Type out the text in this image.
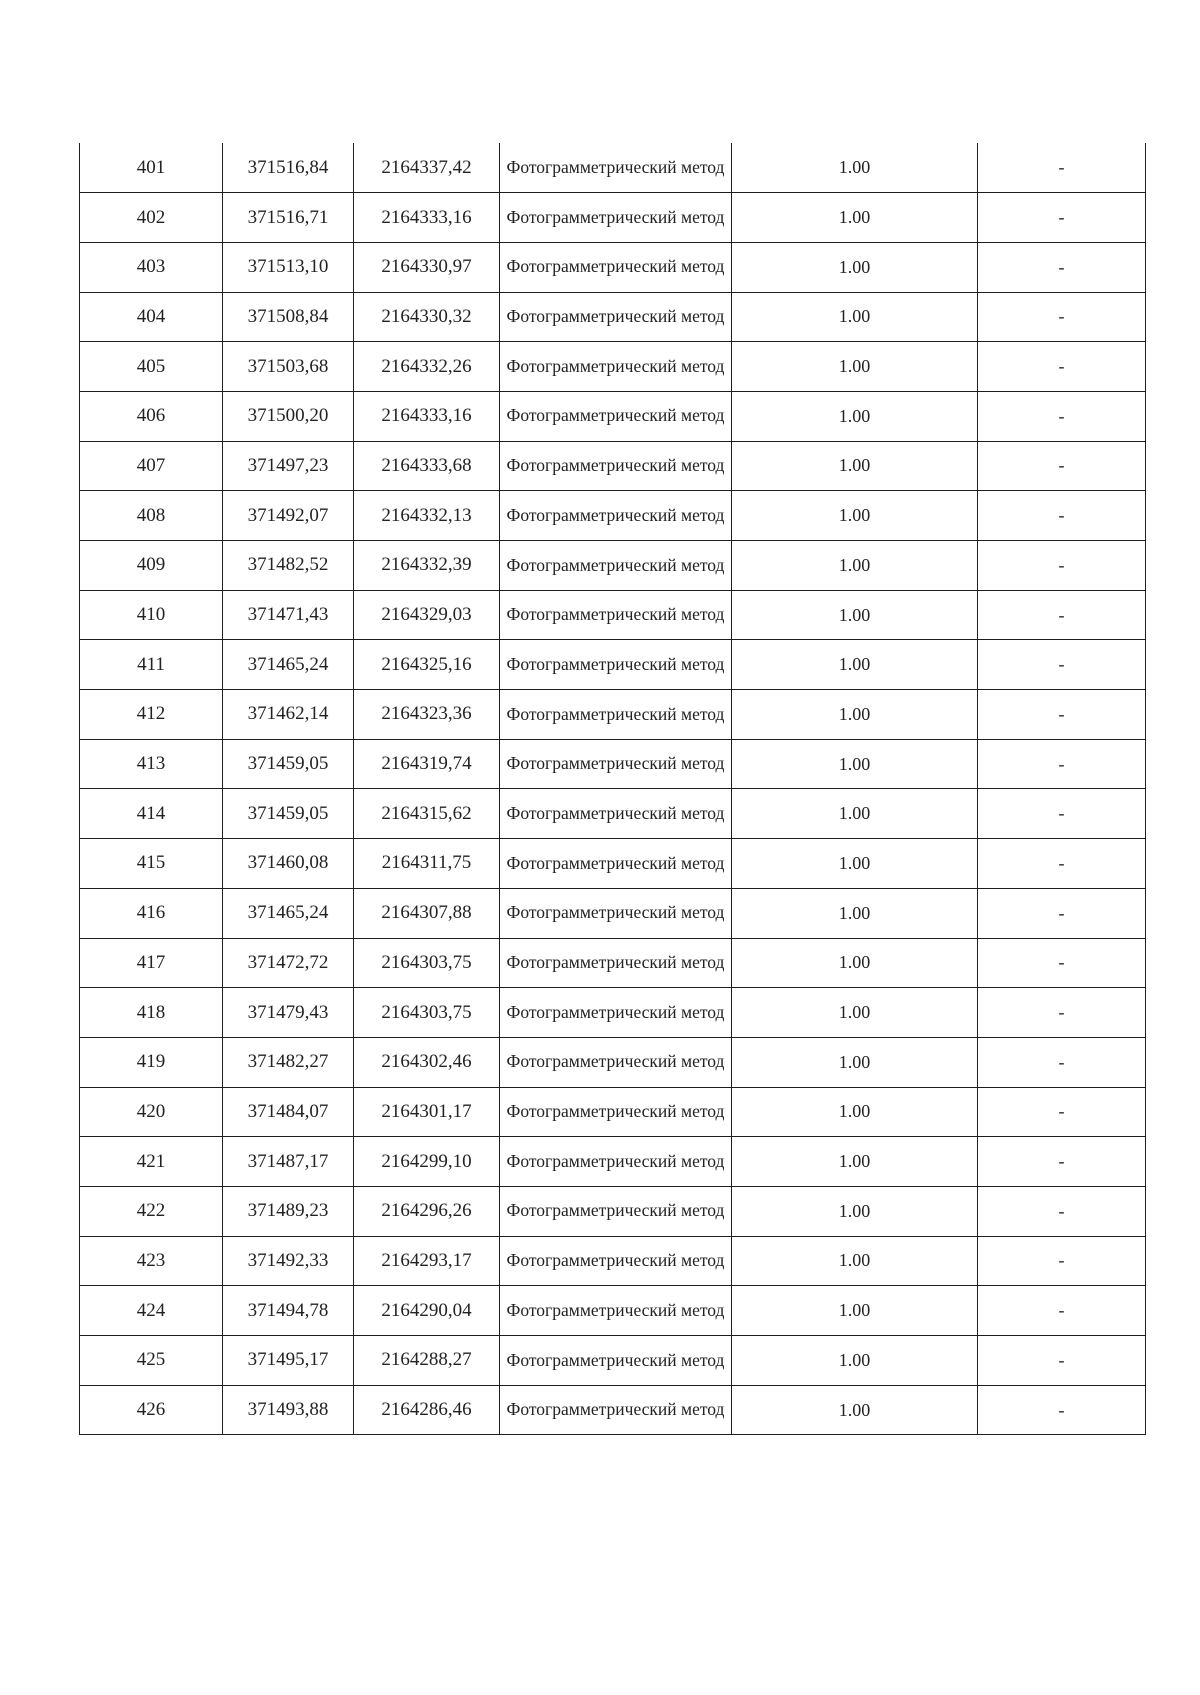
401	371516,84	2164337,42	Фотограмметрический метод	1.00	-
402	371516,71	2164333,16	Фотограмметрический метод	1.00	-
403	371513,10	2164330,97	Фотограмметрический метод	1.00	-
404	371508,84	2164330,32	Фотограмметрический метод	1.00	-
405	371503,68	2164332,26	Фотограмметрический метод	1.00	-
406	371500,20	2164333,16	Фотограмметрический метод	1.00	-
407	371497,23	2164333,68	Фотограмметрический метод	1.00	-
408	371492,07	2164332,13	Фотограмметрический метод	1.00	-
409	371482,52	2164332,39	Фотограмметрический метод	1.00	-
410	371471,43	2164329,03	Фотограмметрический метод	1.00	-
411	371465,24	2164325,16	Фотограмметрический метод	1.00	-
412	371462,14	2164323,36	Фотограмметрический метод	1.00	-
413	371459,05	2164319,74	Фотограмметрический метод	1.00	-
414	371459,05	2164315,62	Фотограмметрический метод	1.00	-
415	371460,08	2164311,75	Фотограмметрический метод	1.00	-
416	371465,24	2164307,88	Фотограмметрический метод	1.00	-
417	371472,72	2164303,75	Фотограмметрический метод	1.00	-
418	371479,43	2164303,75	Фотограмметрический метод	1.00	-
419	371482,27	2164302,46	Фотограмметрический метод	1.00	-
420	371484,07	2164301,17	Фотограмметрический метод	1.00	-
421	371487,17	2164299,10	Фотограмметрический метод	1.00	-
422	371489,23	2164296,26	Фотограмметрический метод	1.00	-
423	371492,33	2164293,17	Фотограмметрический метод	1.00	-
424	371494,78	2164290,04	Фотограмметрический метод	1.00	-
425	371495,17	2164288,27	Фотограмметрический метод	1.00	-
426	371493,88	2164286,46	Фотограмметрический метод	1.00	-
